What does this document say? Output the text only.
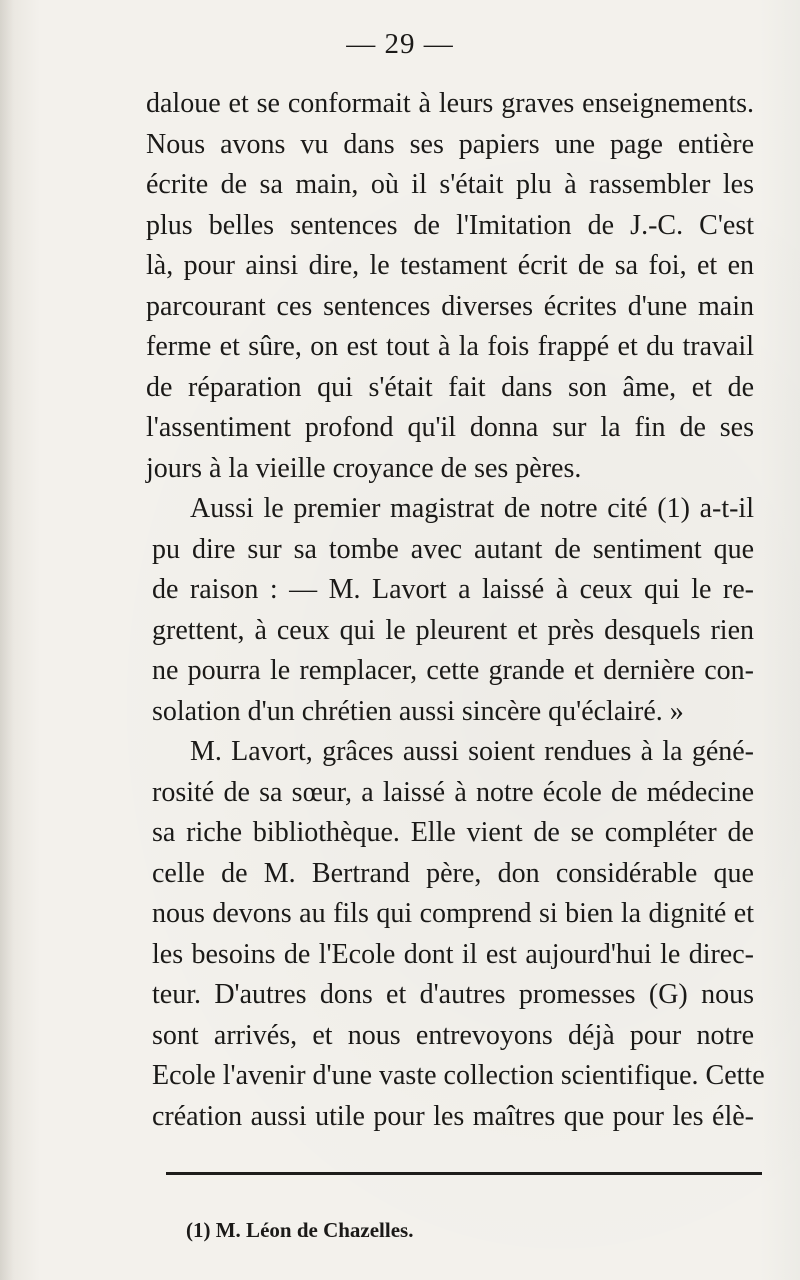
— 29 —
daloue et se conformait à leurs graves enseignements.
Nous avons vu dans ses papiers une page entière
écrite de sa main, où il s'était plu à rassembler les
plus belles sentences de l'Imitation de J.-C. C'est
là, pour ainsi dire, le testament écrit de sa foi, et en
parcourant ces sentences diverses écrites d'une main
ferme et sûre, on est tout à la fois frappé et du travail
de réparation qui s'était fait dans son âme, et de
l'assentiment profond qu'il donna sur la fin de ses
jours à la vieille croyance de ses pères.
Aussi le premier magistrat de notre cité (1) a-t-il
pu dire sur sa tombe avec autant de sentiment que
de raison : — M. Lavort a laissé à ceux qui le re-
grettent, à ceux qui le pleurent et près desquels rien
ne pourra le remplacer, cette grande et dernière con-
solation d'un chrétien aussi sincère qu'éclairé. »
M. Lavort, grâces aussi soient rendues à la géné-
rosité de sa sœur, a laissé à notre école de médecine
sa riche bibliothèque. Elle vient de se compléter de
celle de M. Bertrand père, don considérable que
nous devons au fils qui comprend si bien la dignité et
les besoins de l'Ecole dont il est aujourd'hui le direc-
teur. D'autres dons et d'autres promesses (G) nous
sont arrivés, et nous entrevoyons déjà pour notre
Ecole l'avenir d'une vaste collection scientifique. Cette
création aussi utile pour les maîtres que pour les élè-
(1) M. Léon de Chazelles.
